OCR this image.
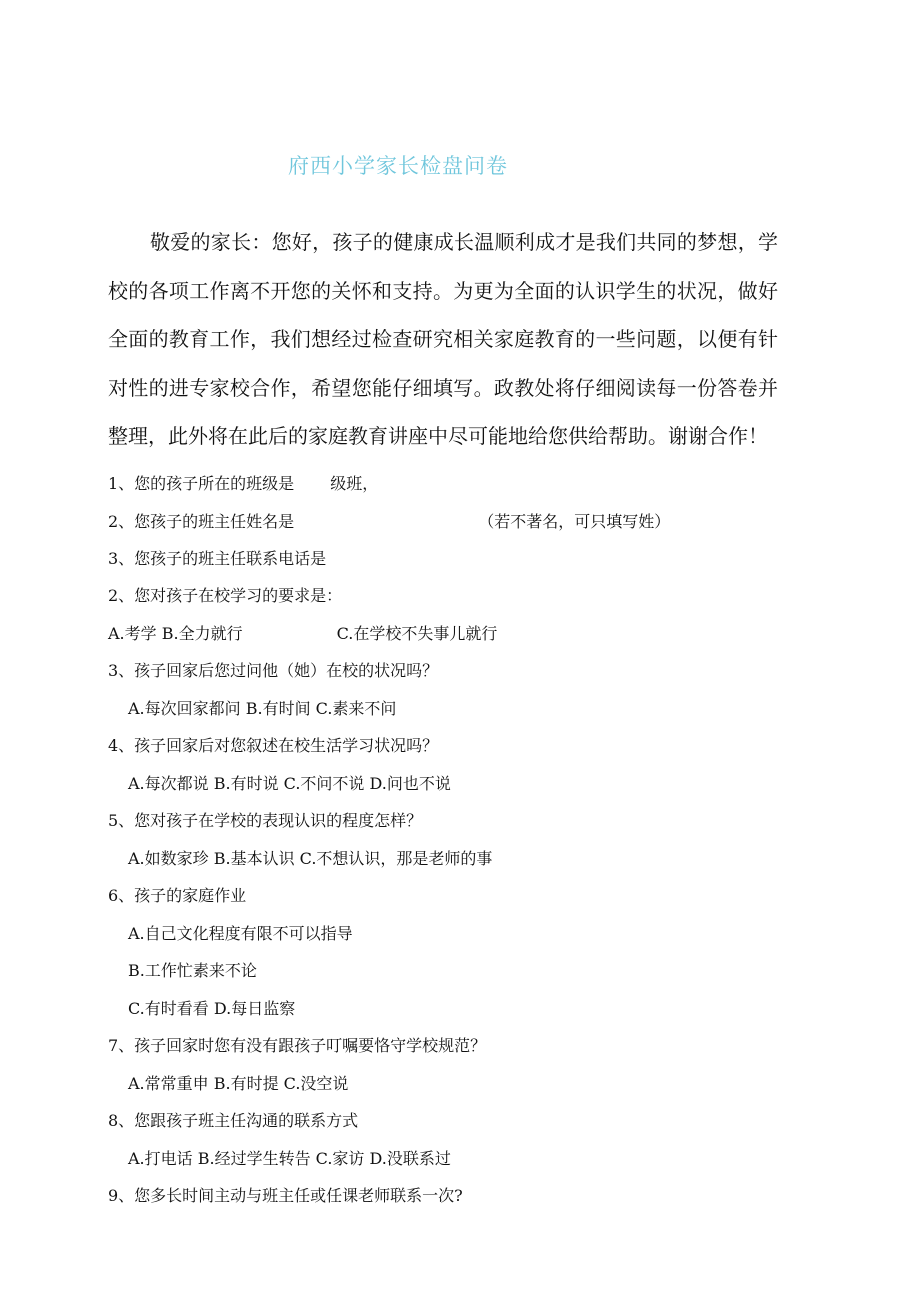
府西小学家长检盘问卷
敬爱的家长：您好，孩子的健康成长温顺利成才是我们共同的梦想，学校的各项工作离不开您的关怀和支持。为更为全面的认识学生的状况，做好全面的教育工作，我们想经过检查研究相关家庭教育的一些问题，以便有针对性的进专家校合作，希望您能仔细填写。政教处将仔细阅读每一份答卷并整理，此外将在此后的家庭教育讲座中尽可能地给您供给帮助。谢谢合作！
1、您的孩子所在的班级是 级班，
2、您孩子的班主任姓名是	（若不著名，可只填写姓）
3、您孩子的班主任联系电话是
2、您对孩子在校学习的要求是：
A.考学 B.全力就行	C.在学校不失事儿就行
3、孩子回家后您过问他（她）在校的状况吗？
A.每次回家都问 B.有时间 C.素来不问
4、孩子回家后对您叙述在校生活学习状况吗？
A.每次都说 B.有时说 C.不问不说 D.问也不说
5、您对孩子在学校的表现认识的程度怎样？
A.如数家珍 B.基本认识 C.不想认识，那是老师的事
6、孩子的家庭作业
A.自己文化程度有限不可以指导
B.工作忙素来不论
C.有时看看 D.每日监察
7、孩子回家时您有没有跟孩子叮嘱要恪守学校规范？
A.常常重申 B.有时提 C.没空说
8、您跟孩子班主任沟通的联系方式
A.打电话 B.经过学生转告 C.家访 D.没联系过
9、您多长时间主动与班主任或任课老师联系一次?
